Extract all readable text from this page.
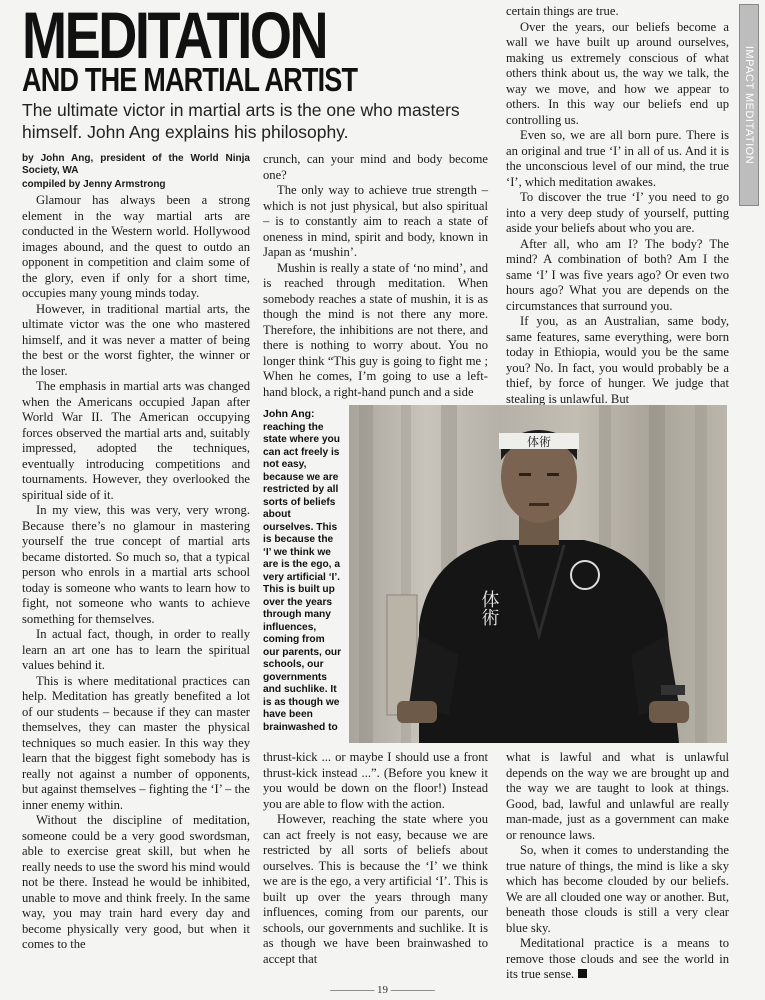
IMPACT MEDITATION
MEDITATION
AND THE MARTIAL ARTIST

The ultimate victor in martial arts is the one who masters himself. John Ang explains his philosophy.

by John Ang, president of the World Ninja Society, WA

compiled by Jenny Armstrong

Glamour has always been a strong element in the way martial arts are conducted in the Western world. Hollywood images abound, and the quest to outdo an opponent in competition and claim some of the glory, even if only for a short time, occupies many young minds today.

However, in traditional martial arts, the ultimate victor was the one who mastered himself, and it was never a matter of being the best or the worst fighter, the winner or the loser.

The emphasis in martial arts was changed when the Americans occupied Japan after World War II. The American occupying forces observed the martial arts and, suitably impressed, adopted the techniques, eventually introducing competitions and tournaments. However, they overlooked the spiritual side of it.

In my view, this was very, very wrong. Because there’s no glamour in mastering yourself the true concept of martial arts became distorted. So much so, that a typical person who enrols in a martial arts school today is someone who wants to learn how to fight, not someone who wants to achieve something for themselves.

In actual fact, though, in order to really learn an art one has to learn the spiritual values behind it.

This is where meditational practices can help. Meditation has greatly benefited a lot of our students – because if they can master themselves, they can master the physical techniques so much easier. In this way they learn that the biggest fight somebody has is really not against a number of opponents, but against themselves – fighting the ‘I’ – the inner enemy within.

Without the discipline of meditation, someone could be a very good swordsman, able to exercise great skill, but when he really needs to use the sword his mind would not be there. Instead he would be inhibited, unable to move and think freely. In the same way, you may train hard every day and become physically very good, but when it comes to the

crunch, can your mind and body become one?

The only way to achieve true strength – which is not just physical, but also spiritual – is to constantly aim to reach a state of oneness in mind, spirit and body, known in Japan as ‘mushin’.

Mushin is really a state of ‘no mind’, and is reached through meditation. When somebody reaches a state of mushin, it is as though the mind is not there any more. Therefore, the inhibitions are not there, and there is nothing to worry about. You no longer think “This guy is going to fight me ; When he comes, I’m going to use a left-hand block, a right-hand punch and a side

certain things are true.

Over the years, our beliefs become a wall we have built up around ourselves, making us extremely conscious of what others think about us, the way we talk, the way we move, and how we appear to others. In this way our beliefs end up controlling us.

Even so, we are all born pure. There is an original and true ‘I’ in all of us. And it is the unconscious level of our mind, the true ‘I’, which meditation awakes.

To discover the true ‘I’ you need to go into a very deep study of yourself, putting aside your beliefs about who you are.

After all, who am I? The body? The mind? A combination of both? Am I the same ‘I’ I was five years ago? Or even two hours ago? What you are depends on the circumstances that surround you.

If you, as an Australian, same body, same features, same everything, were born today in Ethiopia, would you be the same you? No. In fact, you would probably be a thief, by force of hunger. We judge that stealing is unlawful. But

John Ang:
reaching the state where you can act freely is not easy, because we are restricted by all sorts of beliefs about ourselves. This is because the ‘I’ we think we are is the ego, a very artificial ‘I’. This is built up over the years through many influences, coming from our parents, our schools, our governments and suchlike. It is as though we have been brainwashed to
体術
体術

thrust-kick ... or maybe I should use a front thrust-kick instead ...”. (Before you knew it you would be down on the floor!) Instead you are able to flow with the action.

However, reaching the state where you can act freely is not easy, because we are restricted by all sorts of beliefs about ourselves. This is because the ‘I’ we think we are is the ego, a very artificial ‘I’. This is built up over the years through many influences, coming from our parents, our schools, our governments and suchlike. It is as though we have been brainwashed to accept that

what is lawful and what is unlawful depends on the way we are brought up and the way we are taught to look at things. Good, bad, lawful and unlawful are really man-made, just as a government can make or renounce laws.

So, when it comes to understanding the true nature of things, the mind is like a sky which has become clouded by our beliefs. We are all clouded one way or another. But, beneath those clouds is still a very clear blue sky.

Meditational practice is a means to remove those clouds and see the world in its true sense.

———— 19 ————
